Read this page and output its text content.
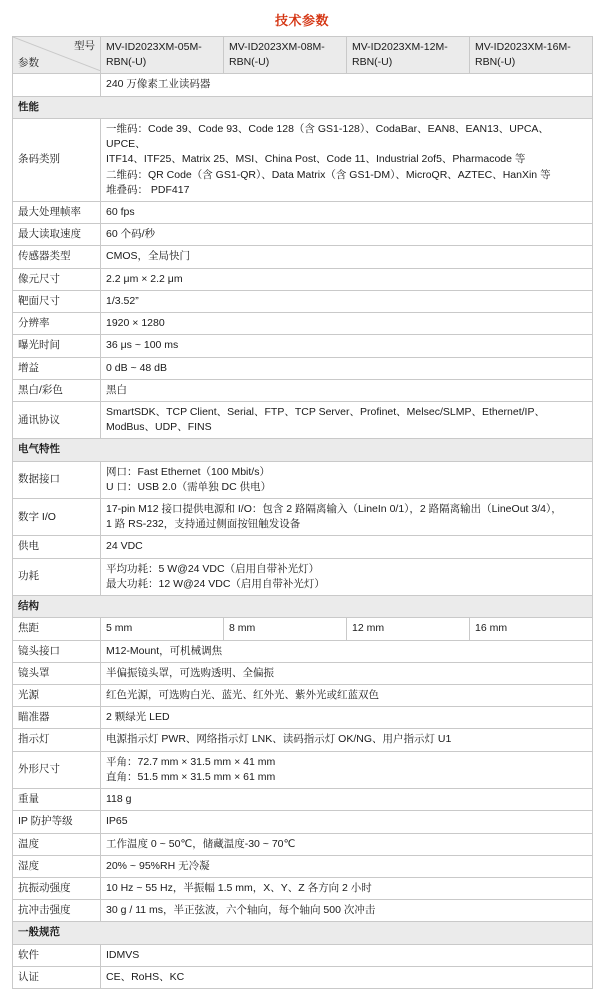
技术参数
型号
参数	MV-ID2023XM-05M-RBN(-U)	MV-ID2023XM-08M-RBN(-U)	MV-ID2023XM-12M-RBN(-U)	MV-ID2023XM-16M-RBN(-U)
	240 万像素工业读码器			
性能				
条码类别	一维码：Code 39、Code 93、Code 128（含 GS1-128）、CodaBar、EAN8、EAN13、UPCA、UPCE、
ITF14、ITF25、Matrix 25、MSI、China Post、Code 11、Industrial 2of5、Pharmacode 等
二维码：QR Code（含 GS1-QR）、Data Matrix（含 GS1-DM）、MicroQR、AZTEC、HanXin 等
堆叠码： PDF417			

最大处理帧率	60 fps			
最大读取速度	60 个码/秒			
传感器类型	CMOS，全局快门			
像元尺寸	2.2 μm × 2.2 μm			
靶面尺寸	1/3.52”			
分辨率	1920 × 1280			
曝光时间	36 μs ~ 100 ms			
增益	0 dB ~ 48 dB			
黑白/彩色	黑白			
通讯协议	SmartSDK、TCP Client、Serial、FTP、TCP Server、Profinet、Melsec/SLMP、Ethernet/IP、
ModBus、UDP、FINS			

电气特性				
数据接口	网口：Fast Ethernet（100 Mbit/s）
U 口：USB 2.0（需单独 DC 供电）			

数字 I/O	17-pin M12 接口提供电源和 I/O：包含 2 路隔离输入（LineIn 0/1），2 路隔离输出（LineOut 3/4），
1 路 RS-232，支持通过侧面按钮触发设备			

供电	24 VDC			
功耗	平均功耗：5 W@24 VDC（启用自带补光灯）
最大功耗：12 W@24 VDC（启用自带补光灯）			

结构				
焦距	5 mm	8 mm	12 mm	16 mm
镜头接口	M12-Mount，可机械调焦			
镜头罩	半偏振镜头罩，可选购透明、全偏振			
光源	红色光源，可选购白光、蓝光、红外光、紫外光或红蓝双色			
瞄准器	2 颗绿光 LED			
指示灯	电源指示灯 PWR、网络指示灯 LNK、读码指示灯 OK/NG、用户指示灯 U1			
外形尺寸	平角：72.7 mm × 31.5 mm × 41 mm
直角：51.5 mm × 31.5 mm × 61 mm			

重量	118 g			
IP 防护等级	IP65			
温度	工作温度 0 ~ 50℃，储藏温度-30 ~ 70℃			
湿度	20% ~ 95%RH 无冷凝			
抗振动强度	10 Hz ~ 55 Hz，半振幅 1.5 mm，X、Y、Z 各方向 2 小时			
抗冲击强度	30 g / 11 ms，半正弦波，六个轴向，每个轴向 500 次冲击			
一般规范				
软件	IDMVS			
认证	CE、RoHS、KC			
